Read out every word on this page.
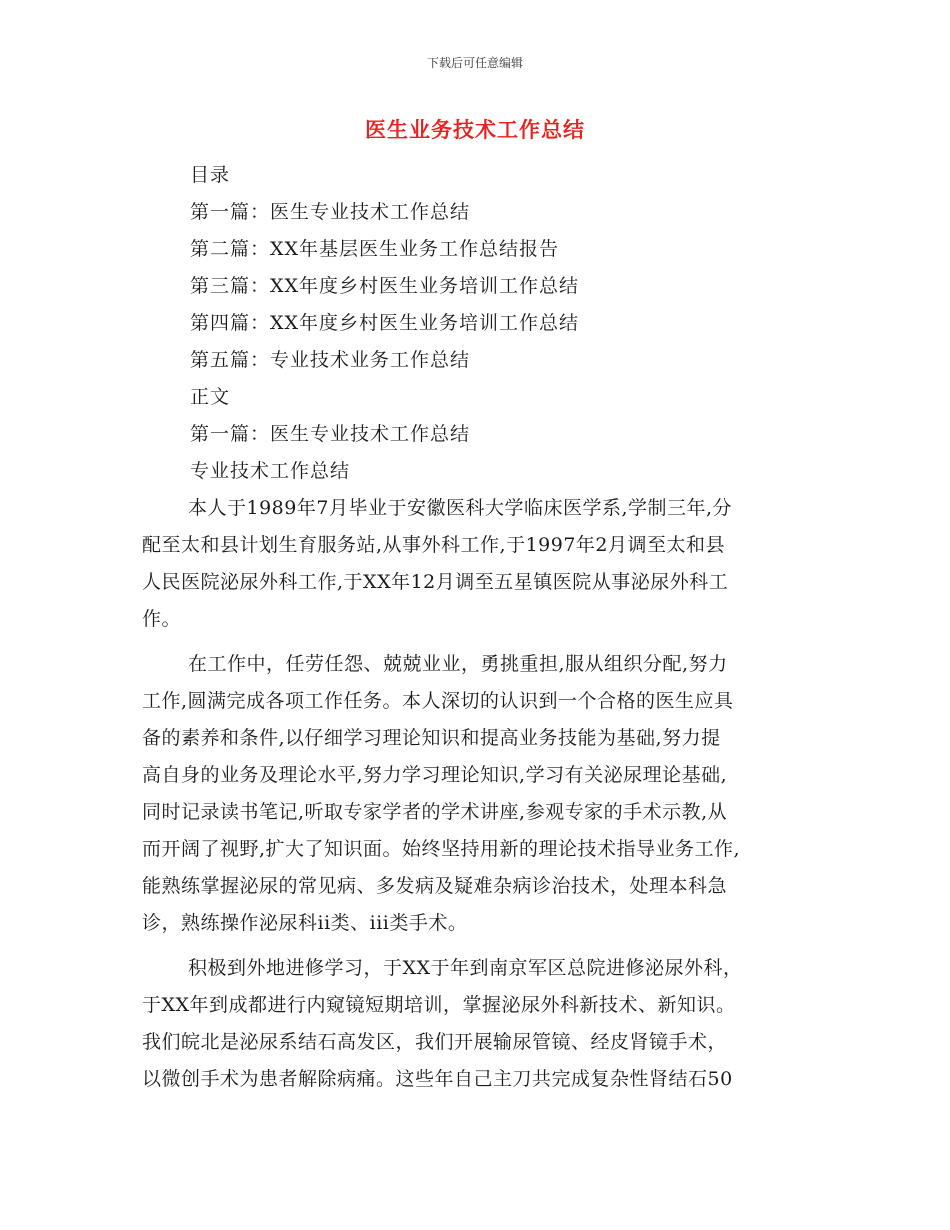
下载后可任意编辑
医生业务技术工作总结
目录
第一篇：医生专业技术工作总结
第二篇：XX年基层医生业务工作总结报告
第三篇：XX年度乡村医生业务培训工作总结
第四篇：XX年度乡村医生业务培训工作总结
第五篇：专业技术业务工作总结
正文
第一篇：医生专业技术工作总结
专业技术工作总结
本人于1989年7月毕业于安徽医科大学临床医学系,学制三年,分
配至太和县计划生育服务站,从事外科工作,于1997年2月调至太和县
人民医院泌尿外科工作,于XX年12月调至五星镇医院从事泌尿外科工
作。
在工作中，任劳任怨、兢兢业业，勇挑重担,服从组织分配,努力
工作,圆满完成各项工作任务。本人深切的认识到一个合格的医生应具
备的素养和条件,以仔细学习理论知识和提高业务技能为基础,努力提
高自身的业务及理论水平,努力学习理论知识,学习有关泌尿理论基础,
同时记录读书笔记,听取专家学者的学术讲座,参观专家的手术示教,从
而开阔了视野,扩大了知识面。始终坚持用新的理论技术指导业务工作,
能熟练掌握泌尿的常见病、多发病及疑难杂病诊治技术，处理本科急
诊，熟练操作泌尿科ii类、iii类手术。
积极到外地进修学习，于XX于年到南京军区总院进修泌尿外科，
于XX年到成都进行内窥镜短期培训，掌握泌尿外科新技术、新知识。
我们皖北是泌尿系结石高发区，我们开展输尿管镜、经皮肾镜手术，
以微创手术为患者解除病痛。这些年自己主刀共完成复杂性肾结石50
